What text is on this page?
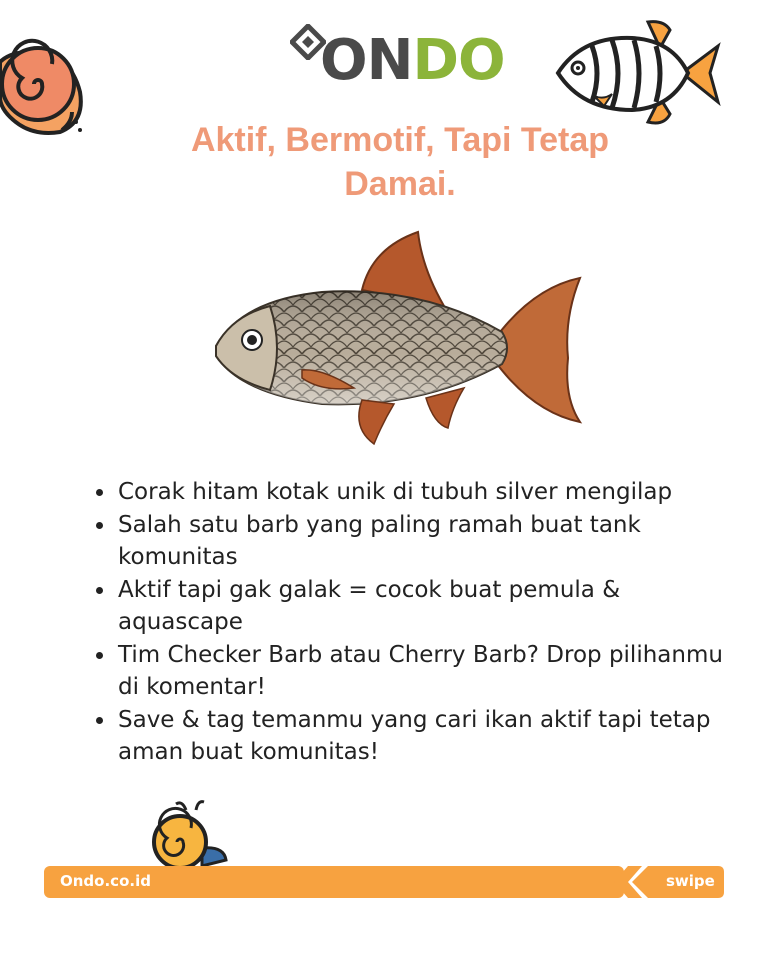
ONDO
Aktif, Bermotif, Tapi Tetap Damai.
• Corak hitam kotak unik di tubuh silver mengilap
• Salah satu barb yang paling ramah buat tank komunitas
• Aktif tapi gak galak = cocok buat pemula & aquascape
• Tim Checker Barb atau Cherry Barb? Drop pilihanmu di komentar!
• Save & tag temanmu yang cari ikan aktif tapi tetap aman buat komunitas!
Ondo.co.id	swipe
